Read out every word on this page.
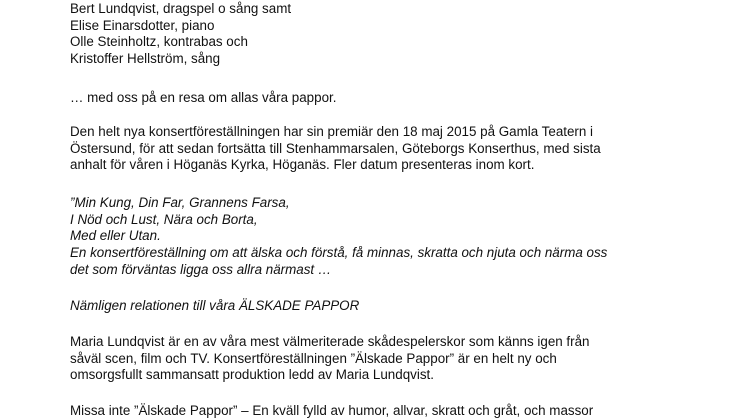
Bert Lundqvist, dragspel o sång samt
Elise Einarsdotter, piano
Olle Steinholtz, kontrabas och
Kristoffer Hellström, sång
… med oss på en resa om allas våra pappor.
Den helt nya konsertföreställningen har sin premiär den 18 maj 2015 på Gamla Teatern i
Östersund, för att sedan fortsätta till Stenhammarsalen, Göteborgs Konserthus, med sista
anhalt för våren i Höganäs Kyrka, Höganäs. Fler datum presenteras inom kort.
”Min Kung, Din Far, Grannens Farsa,
I Nöd och Lust, Nära och Borta,
Med eller Utan.
En konsertföreställning om att älska och förstå, få minnas, skratta och njuta och närma oss
det som förväntas ligga oss allra närmast …
Nämligen relationen till våra ÄLSKADE PAPPOR
Maria Lundqvist är en av våra mest välmeriterade skådespelerskor som känns igen från
såväl scen, film och TV. Konsertföreställningen ”Älskade Pappor” är en helt ny och
omsorgsfullt sammansatt produktion ledd av Maria Lundqvist.
Missa inte ”Älskade Pappor” – En kväll fylld av humor, allvar, skratt och gråt, och massor
